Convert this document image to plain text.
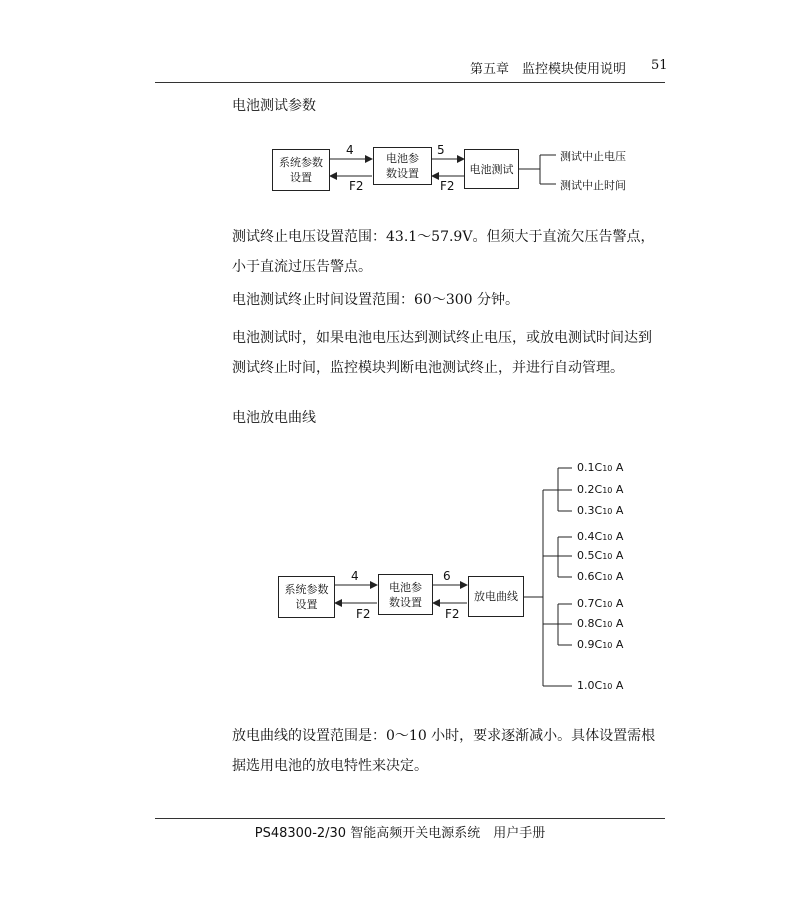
第五章　监控模块使用说明 51
电池测试参数
系统参数
设置
电池参
数设置	电池测试
4
F2
5
F2
测试中止电压
测试中止时间
测试终止电压设置范围：43.1～57.9V。但须大于直流欠压告警点，小于直流过压告警点。
电池测试终止时间设置范围：60～300 分钟。
电池测试时，如果电池电压达到测试终止电压，或放电测试时间达到测试终止时间，监控模块判断电池测试终止，并进行自动管理。
电池放电曲线
系统参数
设置
电池参
数设置	放电曲线
4
F2
6
F2
0.1C10 A
0.2C10 A
0.3C10 A
0.4C10 A
0.5C10 A
0.6C10 A
0.7C10 A
0.8C10 A
0.9C10 A
1.0C10 A
放电曲线的设置范围是：0～10 小时，要求逐渐减小。具体设置需根据选用电池的放电特性来决定。
PS48300-2/30 智能高频开关电源系统　用户手册
